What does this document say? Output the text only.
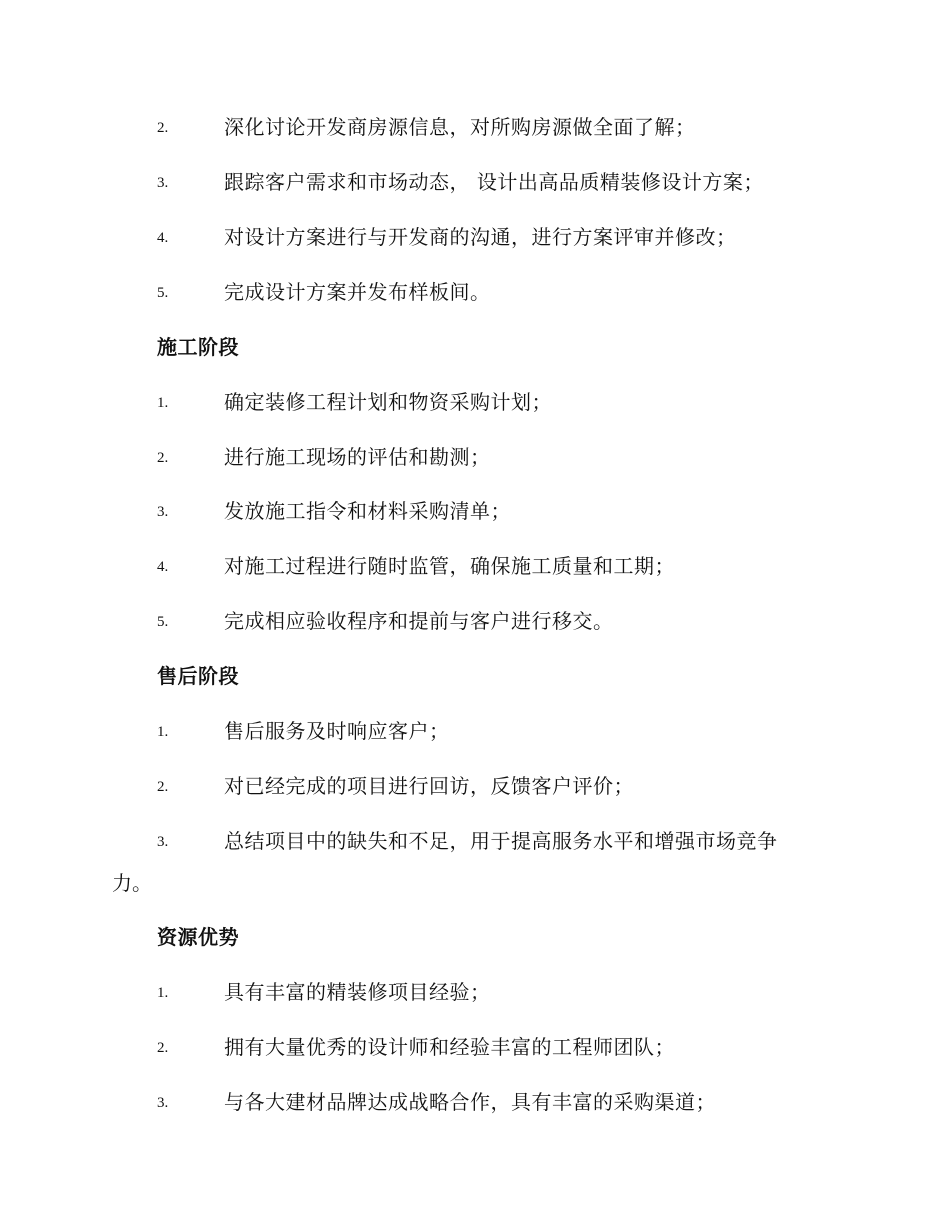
2.	深化讨论开发商房源信息，对所购房源做全面了解；
3.	跟踪客户需求和市场动态， 设计出高品质精装修设计方案；
4.	对设计方案进行与开发商的沟通，进行方案评审并修改；
5.	完成设计方案并发布样板间。
施工阶段
1.	确定装修工程计划和物资采购计划；
2.	进行施工现场的评估和勘测；
3.	发放施工指令和材料采购清单；
4.	对施工过程进行随时监管，确保施工质量和工期；
5.	完成相应验收程序和提前与客户进行移交。
售后阶段
1.	售后服务及时响应客户；
2.	对已经完成的项目进行回访，反馈客户评价；
3.	总结项目中的缺失和不足，用于提高服务水平和增强市场竞争
力。
资源优势
1.	具有丰富的精装修项目经验；
2.	拥有大量优秀的设计师和经验丰富的工程师团队；
3.	与各大建材品牌达成战略合作，具有丰富的采购渠道；
